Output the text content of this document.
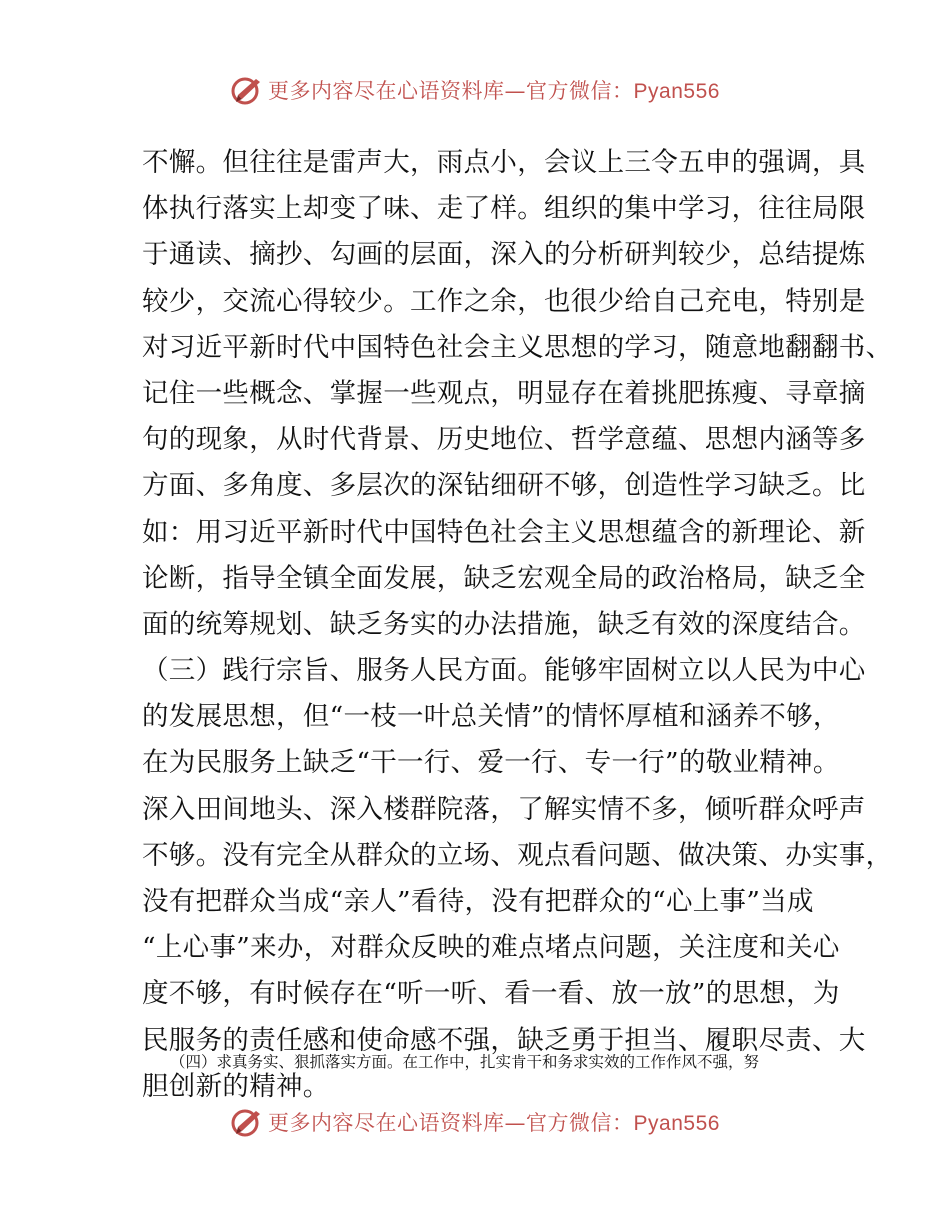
更多内容尽在心语资料库—官方微信：Pyan556
不懈。但往往是雷声大，雨点小，会议上三令五申的强调，具
体执行落实上却变了味、走了样。组织的集中学习，往往局限
于通读、摘抄、勾画的层面，深入的分析研判较少，总结提炼
较少，交流心得较少。工作之余，也很少给自己充电，特别是
对习近平新时代中国特色社会主义思想的学习，随意地翻翻书、
记住一些概念、掌握一些观点，明显存在着挑肥拣瘦、寻章摘
句的现象，从时代背景、历史地位、哲学意蕴、思想内涵等多
方面、多角度、多层次的深钻细研不够，创造性学习缺乏。比
如：用习近平新时代中国特色社会主义思想蕴含的新理论、新
论断，指导全镇全面发展，缺乏宏观全局的政治格局，缺乏全
面的统筹规划、缺乏务实的办法措施，缺乏有效的深度结合。
（三）践行宗旨、服务人民方面。能够牢固树立以人民为中心
的发展思想，但“一枝一叶总关情”的情怀厚植和涵养不够，
在为民服务上缺乏“干一行、爱一行、专一行”的敬业精神。
深入田间地头、深入楼群院落，了解实情不多，倾听群众呼声
不够。没有完全从群众的立场、观点看问题、做决策、办实事，
没有把群众当成“亲人”看待，没有把群众的“心上事”当成
“上心事”来办，对群众反映的难点堵点问题，关注度和关心
度不够，有时候存在“听一听、看一看、放一放”的思想，为
民服务的责任感和使命感不强，缺乏勇于担当、履职尽责、大
胆创新的精神。
（四）求真务实、狠抓落实方面。在工作中，扎实肯干和务求实效的工作作风不强，努
更多内容尽在心语资料库—官方微信：Pyan556
